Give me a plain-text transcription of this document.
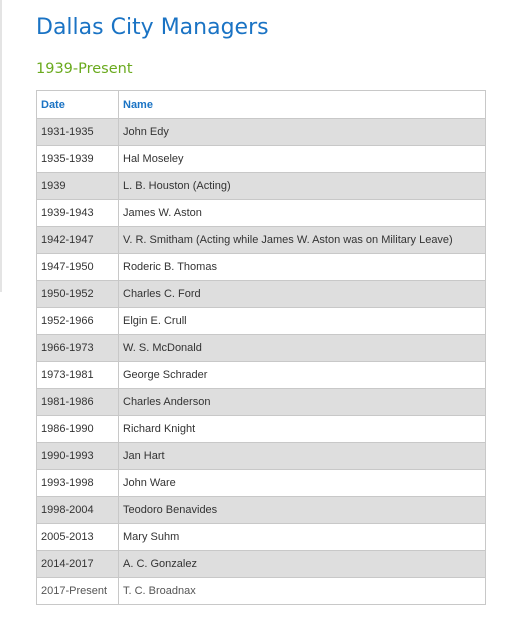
Dallas City Managers
1939-Present
Date	Name
1931-1935	John Edy
1935-1939	Hal Moseley
1939	L. B. Houston (Acting)
1939-1943	James W. Aston
1942-1947	V. R. Smitham (Acting while James W. Aston was on Military Leave)
1947-1950	Roderic B. Thomas
1950-1952	Charles C. Ford
1952-1966	Elgin E. Crull
1966-1973	W. S. McDonald
1973-1981	George Schrader
1981-1986	Charles Anderson
1986-1990	Richard Knight
1990-1993	Jan Hart
1993-1998	John Ware
1998-2004	Teodoro Benavides
2005-2013	Mary Suhm
2014-2017	A. C. Gonzalez
2017-Present	T. C. Broadnax
